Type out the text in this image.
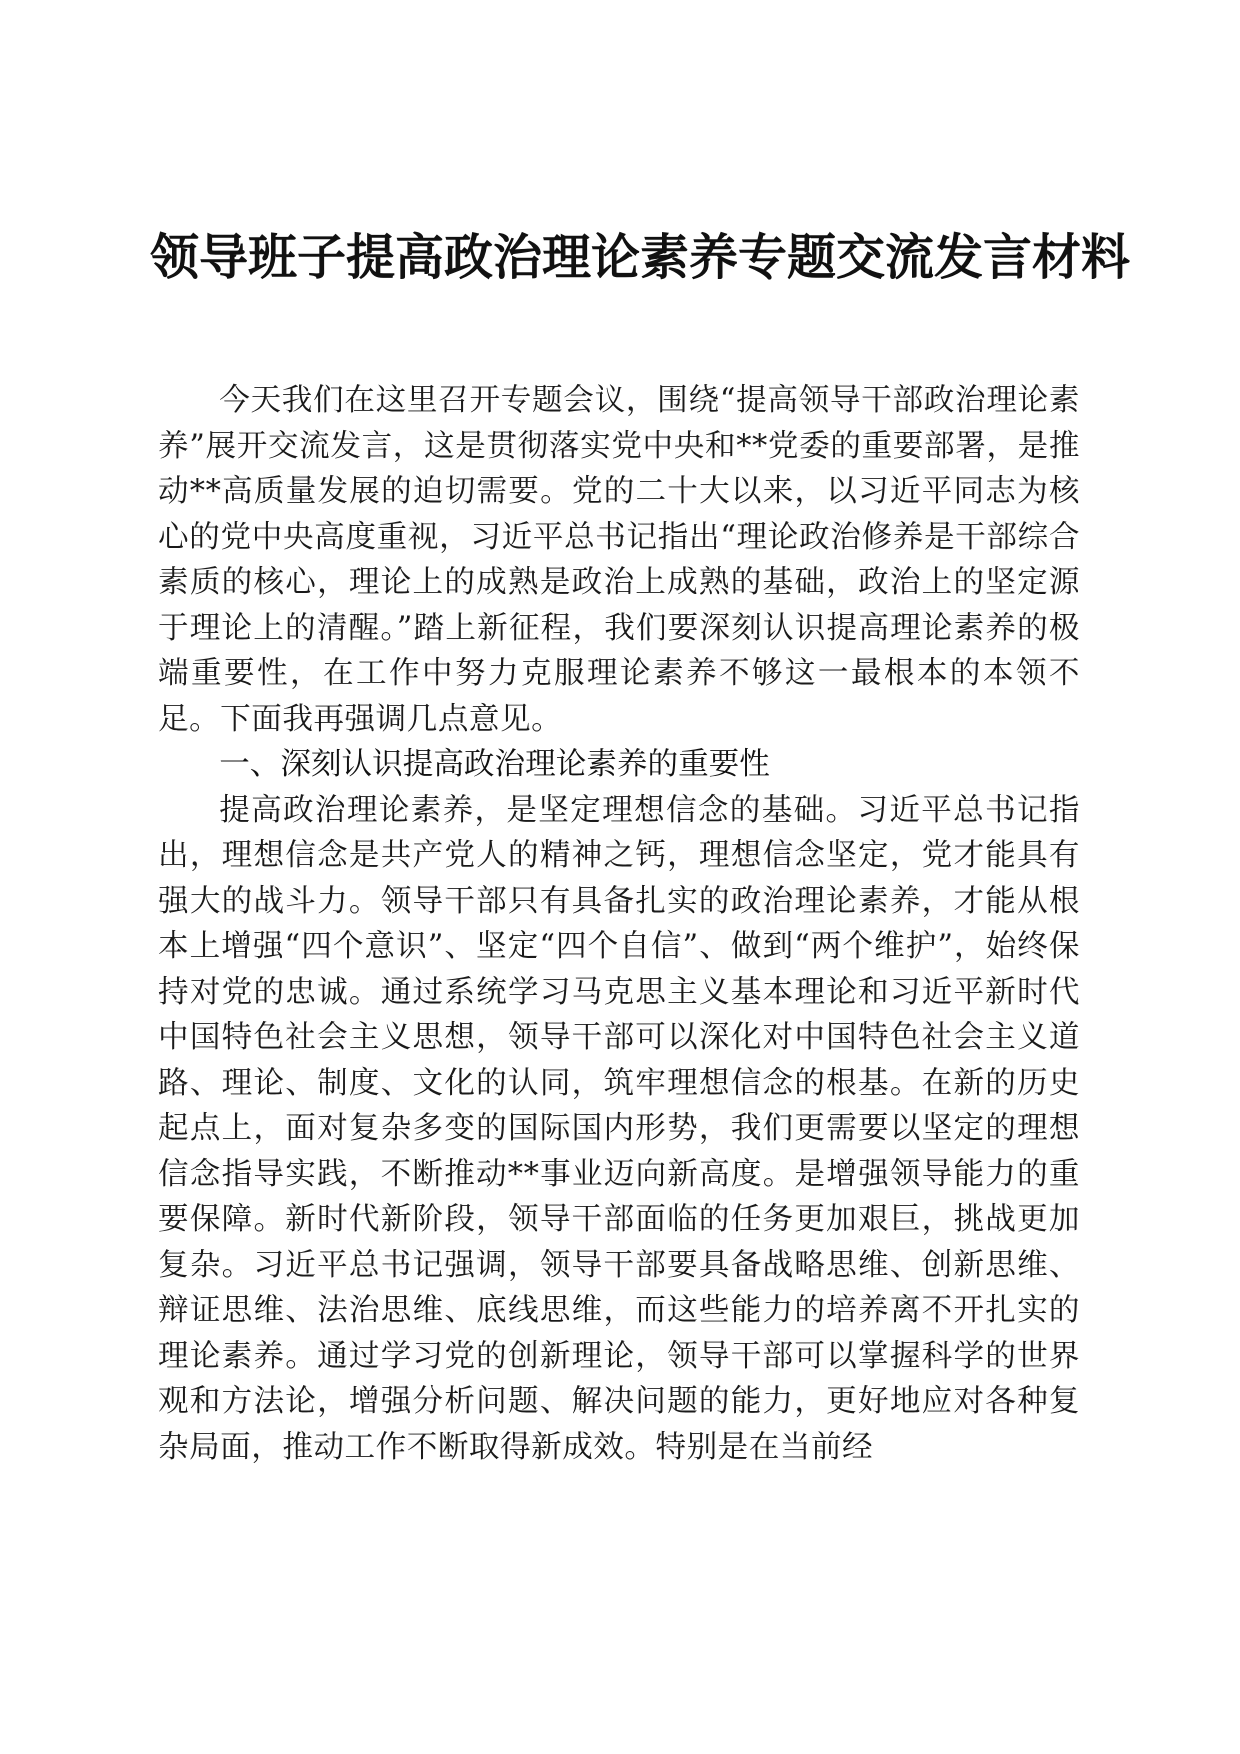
领导班子提高政治理论素养专题交流发言材料

今天我们在这里召开专题会议，围绕“提高领导干部政治理论素养”展开交流发言，这是贯彻落实党中央和**党委的重要部署，是推动**高质量发展的迫切需要。党的二十大以来，以习近平同志为核心的党中央高度重视，习近平总书记指出“理论政治修养是干部综合素质的核心，理论上的成熟是政治上成熟的基础，政治上的坚定源于理论上的清醒。”踏上新征程，我们要深刻认识提高理论素养的极端重要性，在工作中努力克服理论素养不够这一最根本的本领不足。下面我再强调几点意见。

一、深刻认识提高政治理论素养的重要性

提高政治理论素养，是坚定理想信念的基础。习近平总书记指出，理想信念是共产党人的精神之钙，理想信念坚定，党才能具有强大的战斗力。领导干部只有具备扎实的政治理论素养，才能从根本上增强“四个意识”、坚定“四个自信”、做到“两个维护”，始终保持对党的忠诚。通过系统学习马克思主义基本理论和习近平新时代中国特色社会主义思想，领导干部可以深化对中国特色社会主义道路、理论、制度、文化的认同，筑牢理想信念的根基。在新的历史起点上，面对复杂多变的国际国内形势，我们更需要以坚定的理想信念指导实践，不断推动**事业迈向新高度。是增强领导能力的重要保障。新时代新阶段，领导干部面临的任务更加艰巨，挑战更加复杂。习近平总书记强调，领导干部要具备战略思维、创新思维、辩证思维、法治思维、底线思维，而这些能力的培养离不开扎实的理论素养。通过学习党的创新理论，领导干部可以掌握科学的世界观和方法论，增强分析问题、解决问题的能力，更好地应对各种复杂局面，推动工作不断取得新成效。特别是在当前经
